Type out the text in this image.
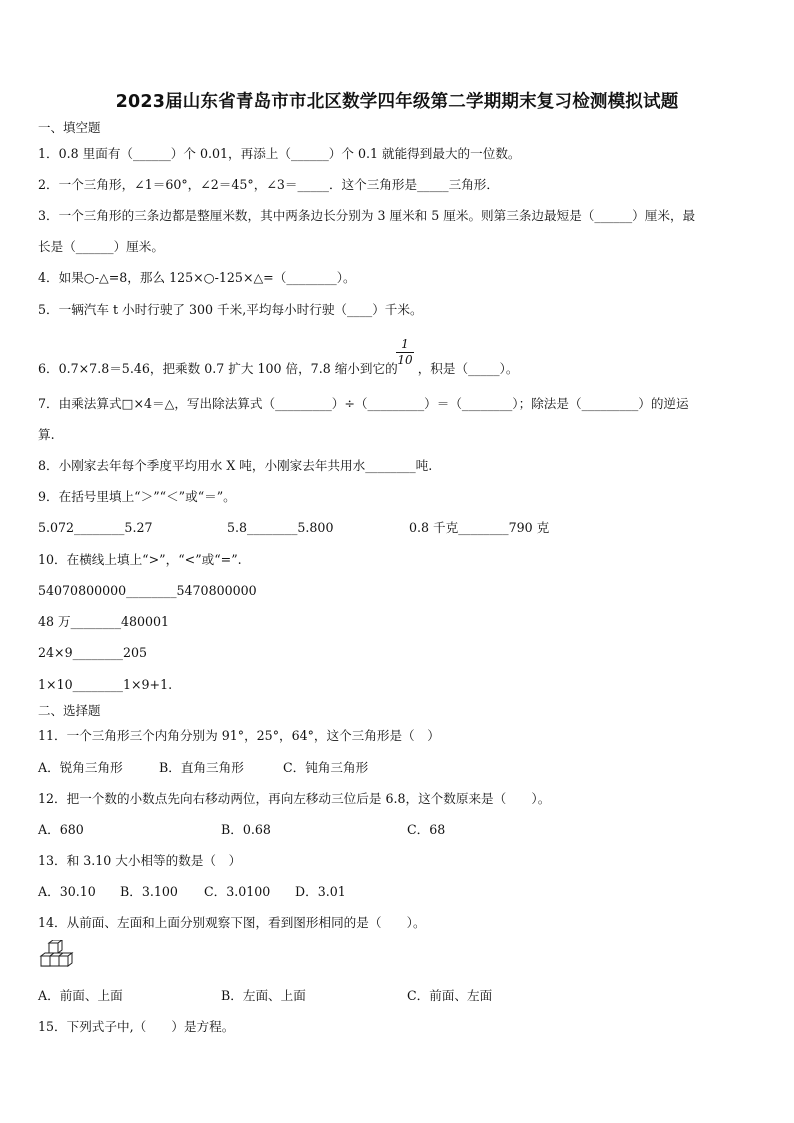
2023届山东省青岛市市北区数学四年级第二学期期末复习检测模拟试题
一、填空题
1．0.8 里面有（______）个 0.01，再添上（______）个 0.1 就能得到最大的一位数。
2．一个三角形，∠1＝60°，∠2＝45°，∠3＝_____．这个三角形是_____三角形．
3．一个三角形的三条边都是整厘米数，其中两条边长分别为 3 厘米和 5 厘米。则第三条边最短是（______）厘米，最
长是（______）厘米。
4．如果○-△=8，那么 125×○-125×△=（________）。
5．一辆汽车 t 小时行驶了 300 千米,平均每小时行驶（____）千米。
6．0.7×7.8＝5.46，把乘数 0.7 扩大 100 倍，7.8 缩小到它的 ，积是（_____）。
1
10
7．由乘法算式□×4＝△，写出除法算式（_________）÷（_________）＝（________）；除法是（_________）的逆运
算.
8．小刚家去年每个季度平均用水 X 吨，小刚家去年共用水________吨.
9．在括号里填上“＞”“＜”或“＝”。
5.072________5.27	5.8________5.800	0.8 千克________790 克
10．在横线上填上“>”，“<”或“=”.
54070800000________5470800000
48 万________480001
24×9________205
1×10________1×9+1.
二、选择题
11．一个三角形三个内角分别为 91°，25°，64°，这个三角形是（　）
A．锐角三角形	B．直角三角形	C．钝角三角形
12．把一个数的小数点先向右移动两位，再向左移动三位后是 6.8，这个数原来是（　　）。
A．680	B．0.68	C．68
13．和 3.10 大小相等的数是（　）
A．30.10 B．3.100 C．3.0100 D．3.01
14．从前面、左面和上面分别观察下图，看到图形相同的是（　　）。
A．前面、上面	B．左面、上面	C．前面、左面
15．下列式子中,（　　）是方程。
